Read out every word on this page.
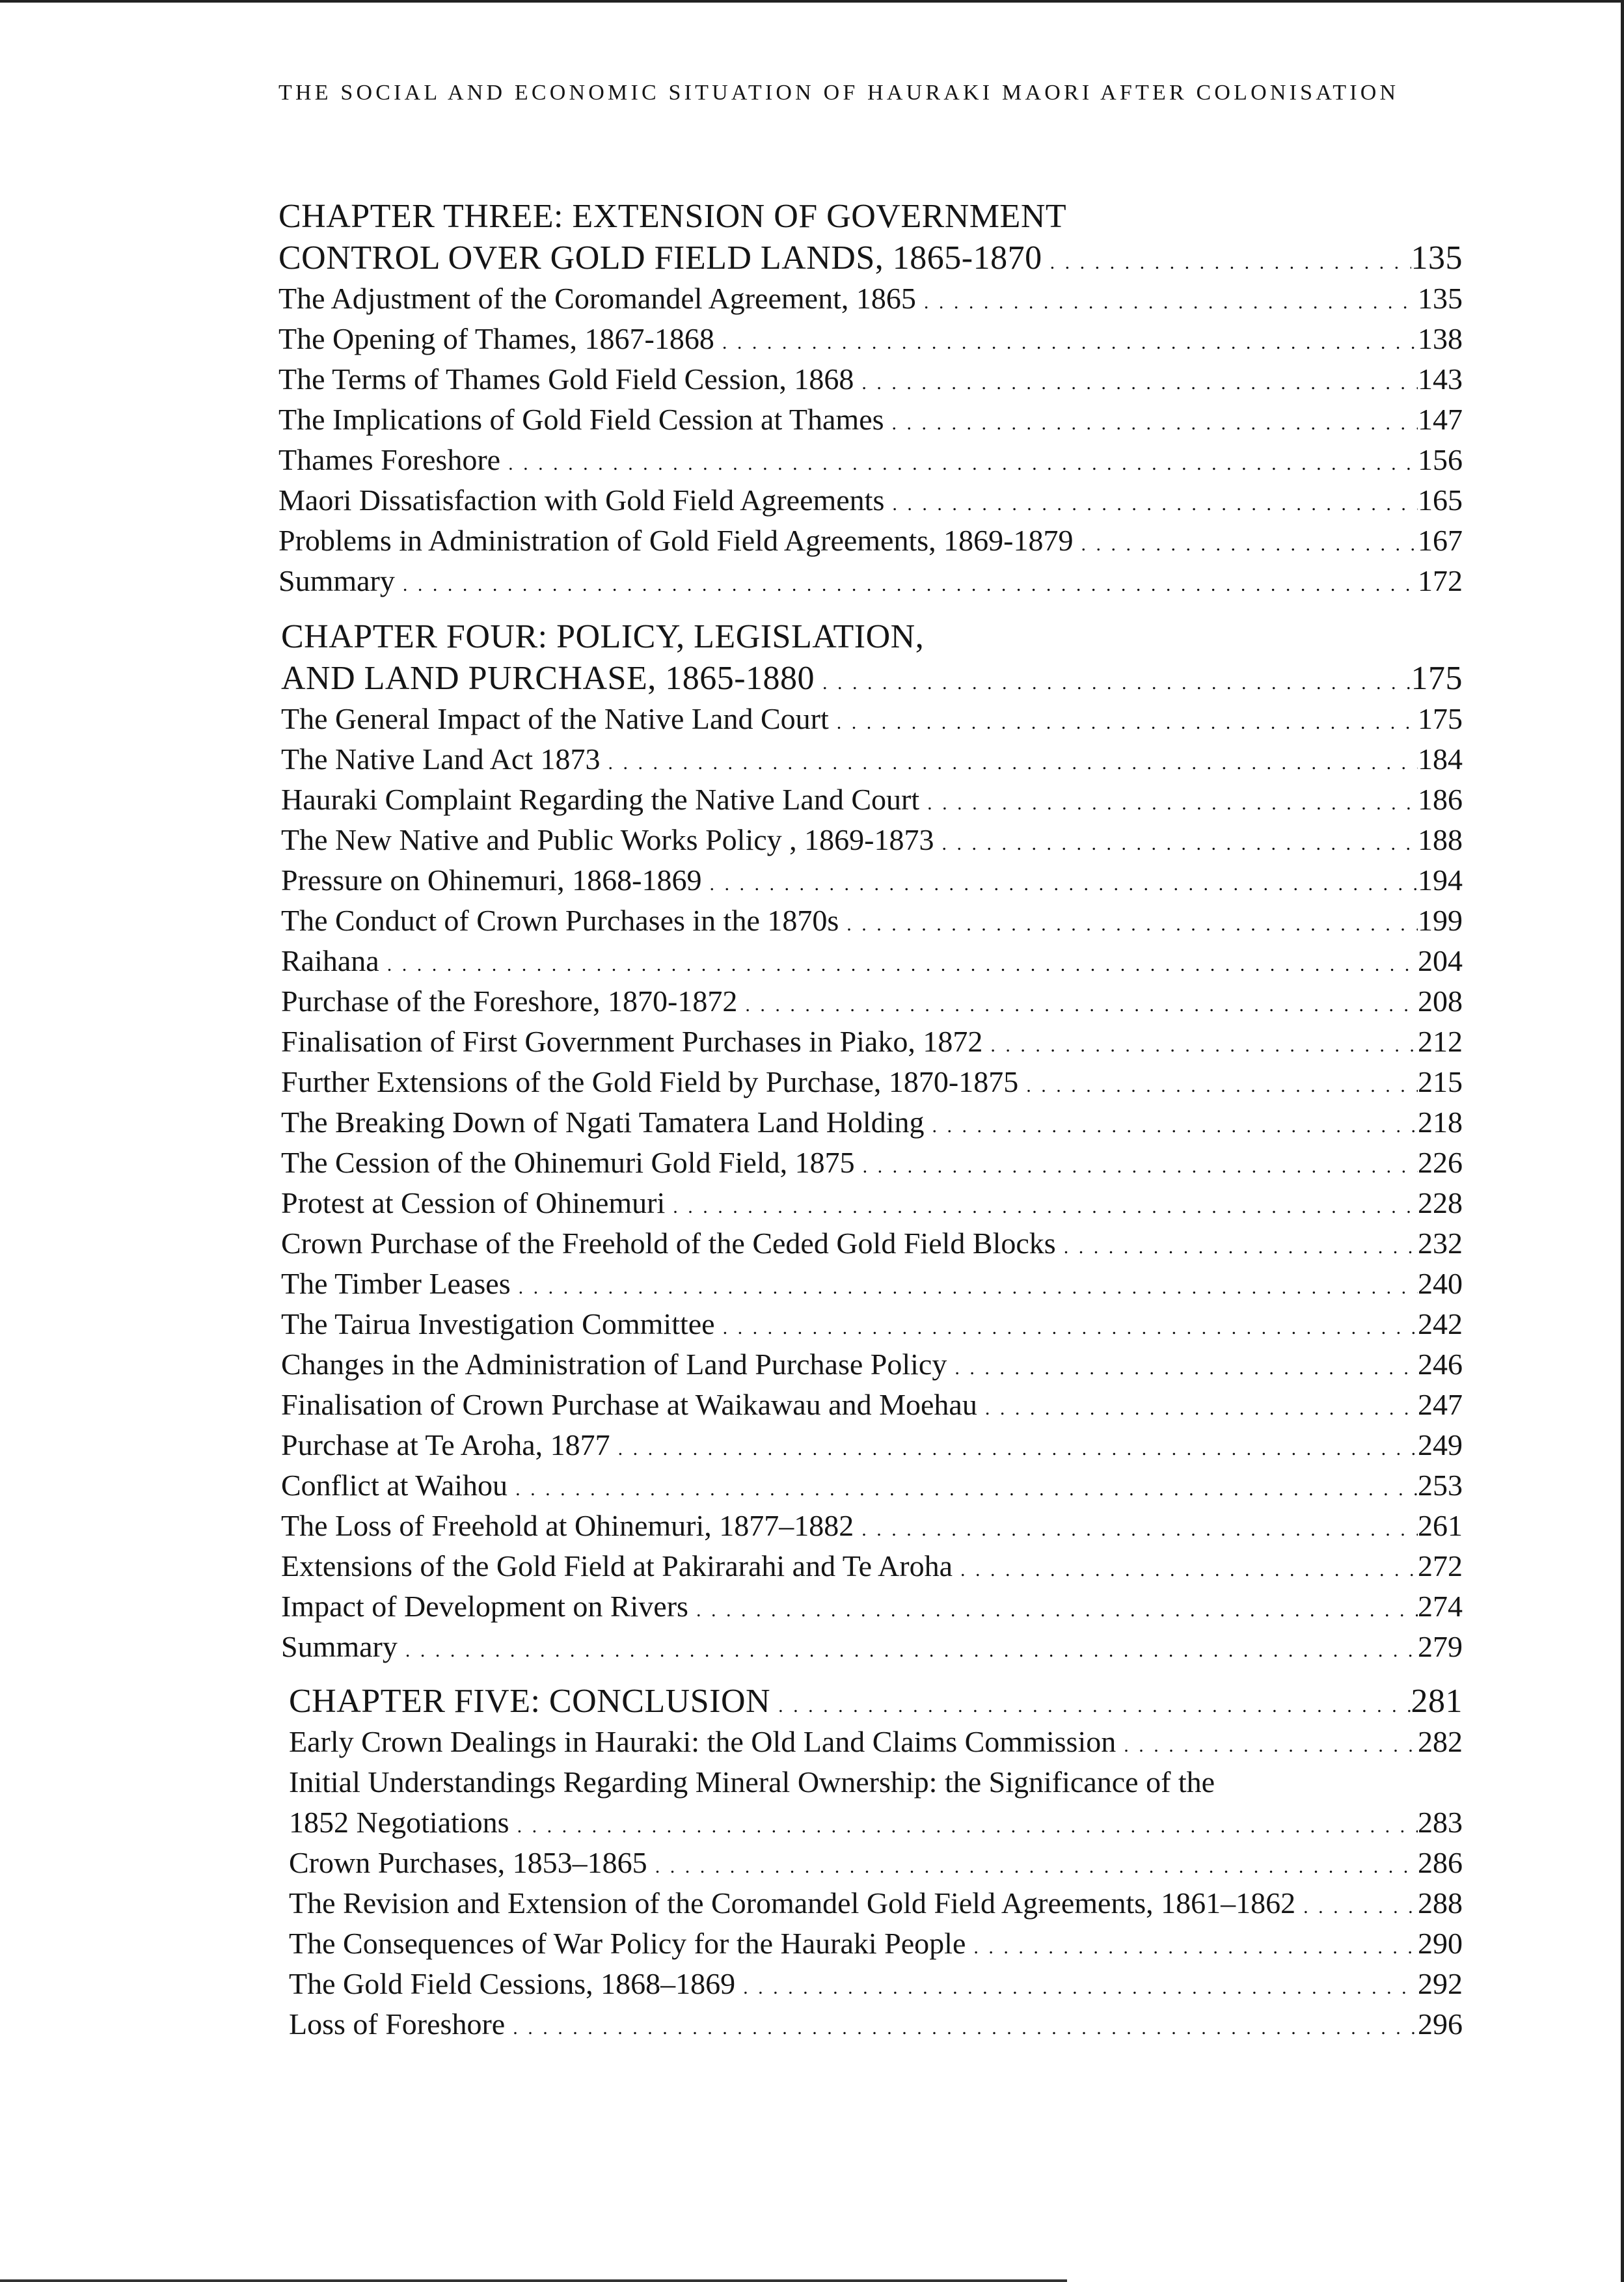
THE SOCIAL AND ECONOMIC SITUATION OF HAURAKI MAORI AFTER COLONISATION
CHAPTER THREE: EXTENSION OF GOVERNMENT
CONTROL OVER GOLD FIELD LANDS, 1865-1870 . . .	135
The Adjustment of the Coromandel Agreement, 1865 . . .	135
The Opening of Thames, 1867-1868 . . .	138
The Terms of Thames Gold Field Cession, 1868 . . .	143
The Implications of Gold Field Cession at Thames . . .	147
Thames Foreshore . . .	156
Maori Dissatisfaction with Gold Field Agreements . . .	165
Problems in Administration of Gold Field Agreements, 1869-1879 . . .	167
Summary . . .	172
CHAPTER FOUR: POLICY, LEGISLATION,
AND LAND PURCHASE, 1865-1880 . . .	175
The General Impact of the Native Land Court . . .	175
The Native Land Act 1873 . . .	184
Hauraki Complaint Regarding the Native Land Court . . .	186
The New Native and Public Works Policy , 1869-1873 . . .	188
Pressure on Ohinemuri, 1868-1869 . . .	194
The Conduct of Crown Purchases in the 1870s . . .	199
Raihana . . .	204
Purchase of the Foreshore, 1870-1872 . . .	208
Finalisation of First Government Purchases in Piako, 1872 . . .	212
Further Extensions of the Gold Field by Purchase, 1870-1875 . . .	215
The Breaking Down of Ngati Tamatera Land Holding . . .	218
The Cession of the Ohinemuri Gold Field, 1875 . . .	226
Protest at Cession of Ohinemuri . . .	228
Crown Purchase of the Freehold of the Ceded Gold Field Blocks . . .	232
The Timber Leases . . .	240
The Tairua Investigation Committee . . .	242
Changes in the Administration of Land Purchase Policy . . .	246
Finalisation of Crown Purchase at Waikawau and Moehau . . .	247
Purchase at Te Aroha, 1877 . . .	249
Conflict at Waihou . . .	253
The Loss of Freehold at Ohinemuri, 1877–1882 . . .	261
Extensions of the Gold Field at Pakirarahi and Te Aroha . . .	272
Impact of Development on Rivers . . .	274
Summary . . .	279
CHAPTER FIVE: CONCLUSION . . .	281
Early Crown Dealings in Hauraki: the Old Land Claims Commission . . .	282
Initial Understandings Regarding Mineral Ownership: the Significance of the
1852 Negotiations . . .	283
Crown Purchases, 1853–1865 . . .	286
The Revision and Extension of the Coromandel Gold Field Agreements, 1861–1862 . . .	288
The Consequences of War Policy for the Hauraki People . . .	290
The Gold Field Cessions, 1868–1869 . . .	292
Loss of Foreshore . . .	296
